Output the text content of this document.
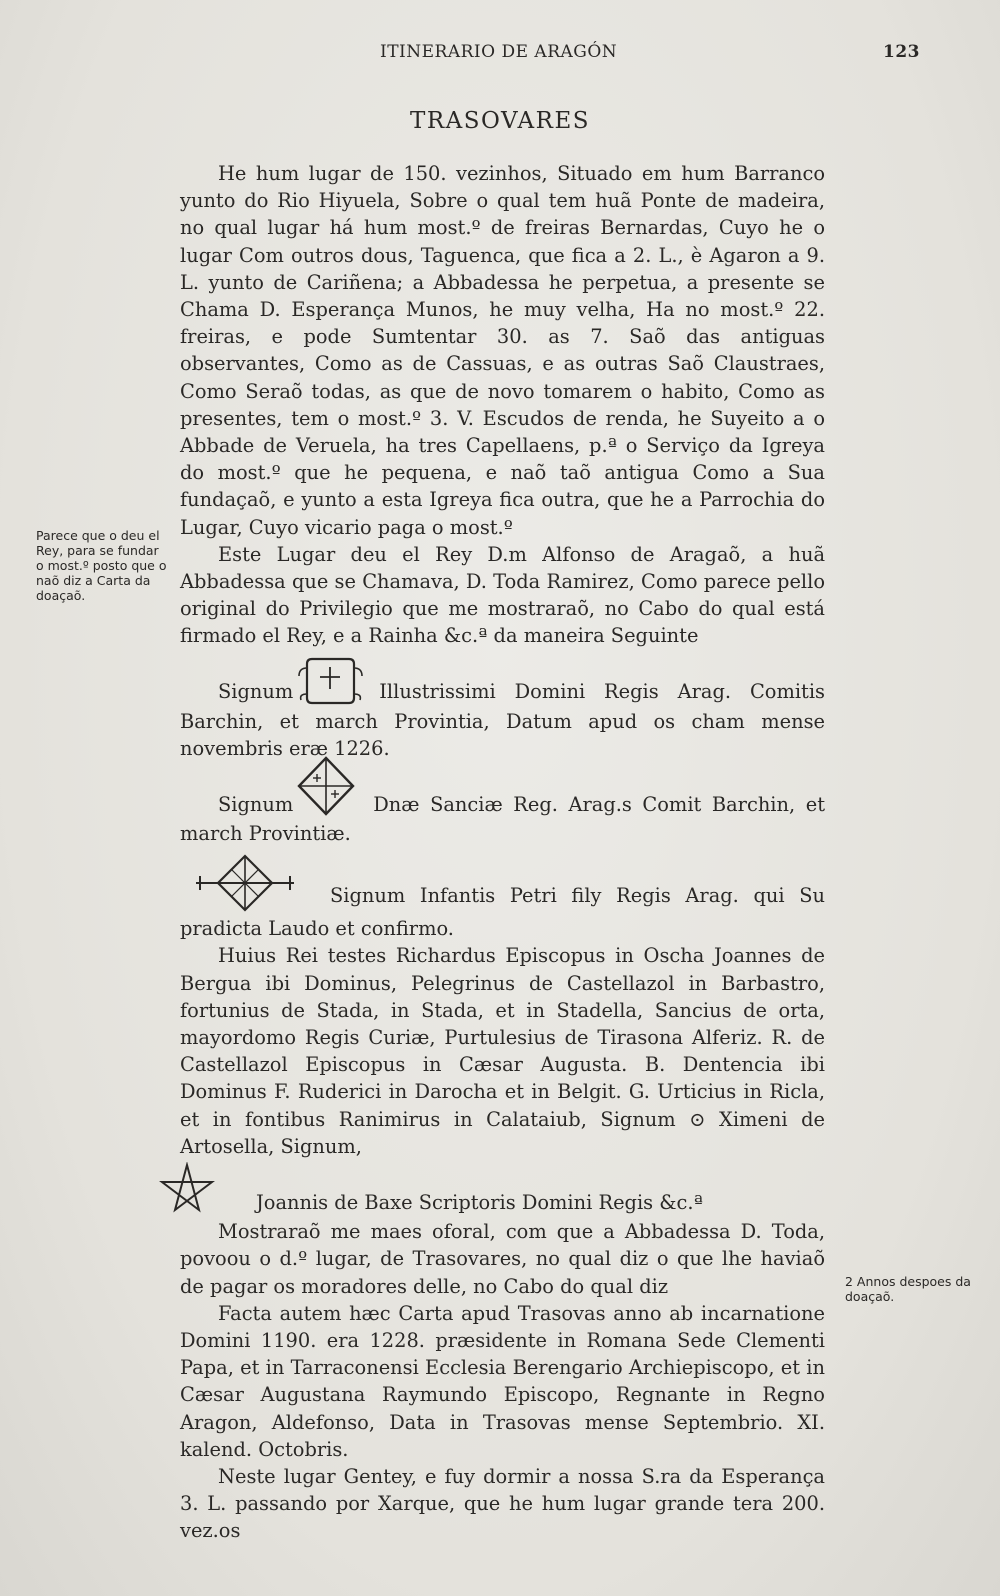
ITINERARIO DE ARAGÓN	123
TRASOVARES
Parece que o deu el Rey, para se fundar o most.º posto que o naõ diz a Carta da doaçaõ.
2 Annos despoes da doaçaõ.

He hum lugar de 150. vezinhos, Situado em hum Barranco yunto do Rio Hiyuela, Sobre o qual tem huã Ponte de madeira, no qual lugar há hum most.º de freiras Bernardas, Cuyo he o lugar Com outros dous, Taguenca, que fica a 2. L., è Agaron a 9. L. yunto de Cariñena; a Abbadessa he perpetua, a presente se Chama D. Esperança Munos, he muy velha, Ha no most.º 22. freiras, e pode Sumtentar 30. as 7. Saõ das antiguas observantes, Como as de Cassuas, e as outras Saõ Claustraes, Como Seraõ todas, as que de novo tomarem o habito, Como as presentes, tem o most.º 3. V. Escudos de renda, he Suyeito a o Abbade de Veruela, ha tres Capellaens, p.ª o Serviço da Igreya do most.º que he pequena, e naõ taõ antigua Como a Sua fundaçaõ, e yunto a esta Igreya fica outra, que he a Parrochia do Lugar, Cuyo vicario paga o most.º

Este Lugar deu el Rey D.m Alfonso de Aragaõ, a huã Abbadessa que se Chamava, D. Toda Ramirez, Como parece pello original do Privilegio que me mostraraõ, no Cabo do qual está firmado el Rey, e a Rainha &c.ª da maneira Seguinte

Signum	Illustrissimi Domini Regis Arag. Comitis

Barchin, et march Provintia, Datum apud os cham mense novembris eræ 1226.

Signum	Dnæ Sanciæ Reg. Arag.s Comit Barchin, et

march Provintiæ.

Signum Infantis Petri fily Regis Arag. qui Su

pradicta Laudo et confirmo.

Huius Rei testes Richardus Episcopus in Oscha Joannes de Bergua ibi Dominus, Pelegrinus de Castellazol in Barbastro, fortunius de Stada, in Stada, et in Stadella, Sancius de orta, mayordomo Regis Curiæ, Purtulesius de Tirasona Alferiz. R. de Castellazol Episcopus in Cæsar Augusta. B. Dentencia ibi Dominus F. Ruderici in Darocha et in Belgit. G. Urticius in Ricla, et in fontibus Ranimirus in Calataiub, Signum ⊙ Ximeni de Artosella, Signum,

Joannis de Baxe Scriptoris Domini Regis &c.ª

Mostraraõ me maes oforal, com que a Abbadessa D. Toda, povoou o d.º lugar, de Trasovares, no qual diz o que lhe haviaõ de pagar os moradores delle, no Cabo do qual diz

Facta autem hæc Carta apud Trasovas anno ab incarnatione Domini 1190. era 1228. præsidente in Romana Sede Clementi Papa, et in Tarraconensi Ecclesia Berengario Archiepiscopo, et in Cæsar Augustana Raymundo Episcopo, Regnante in Regno Aragon, Aldefonso, Data in Trasovas mense Septembrio. XI. kalend. Octobris.

Neste lugar Gentey, e fuy dormir a nossa S.ra da Esperança 3. L. passando por Xarque, que he hum lugar grande tera 200. vez.os
